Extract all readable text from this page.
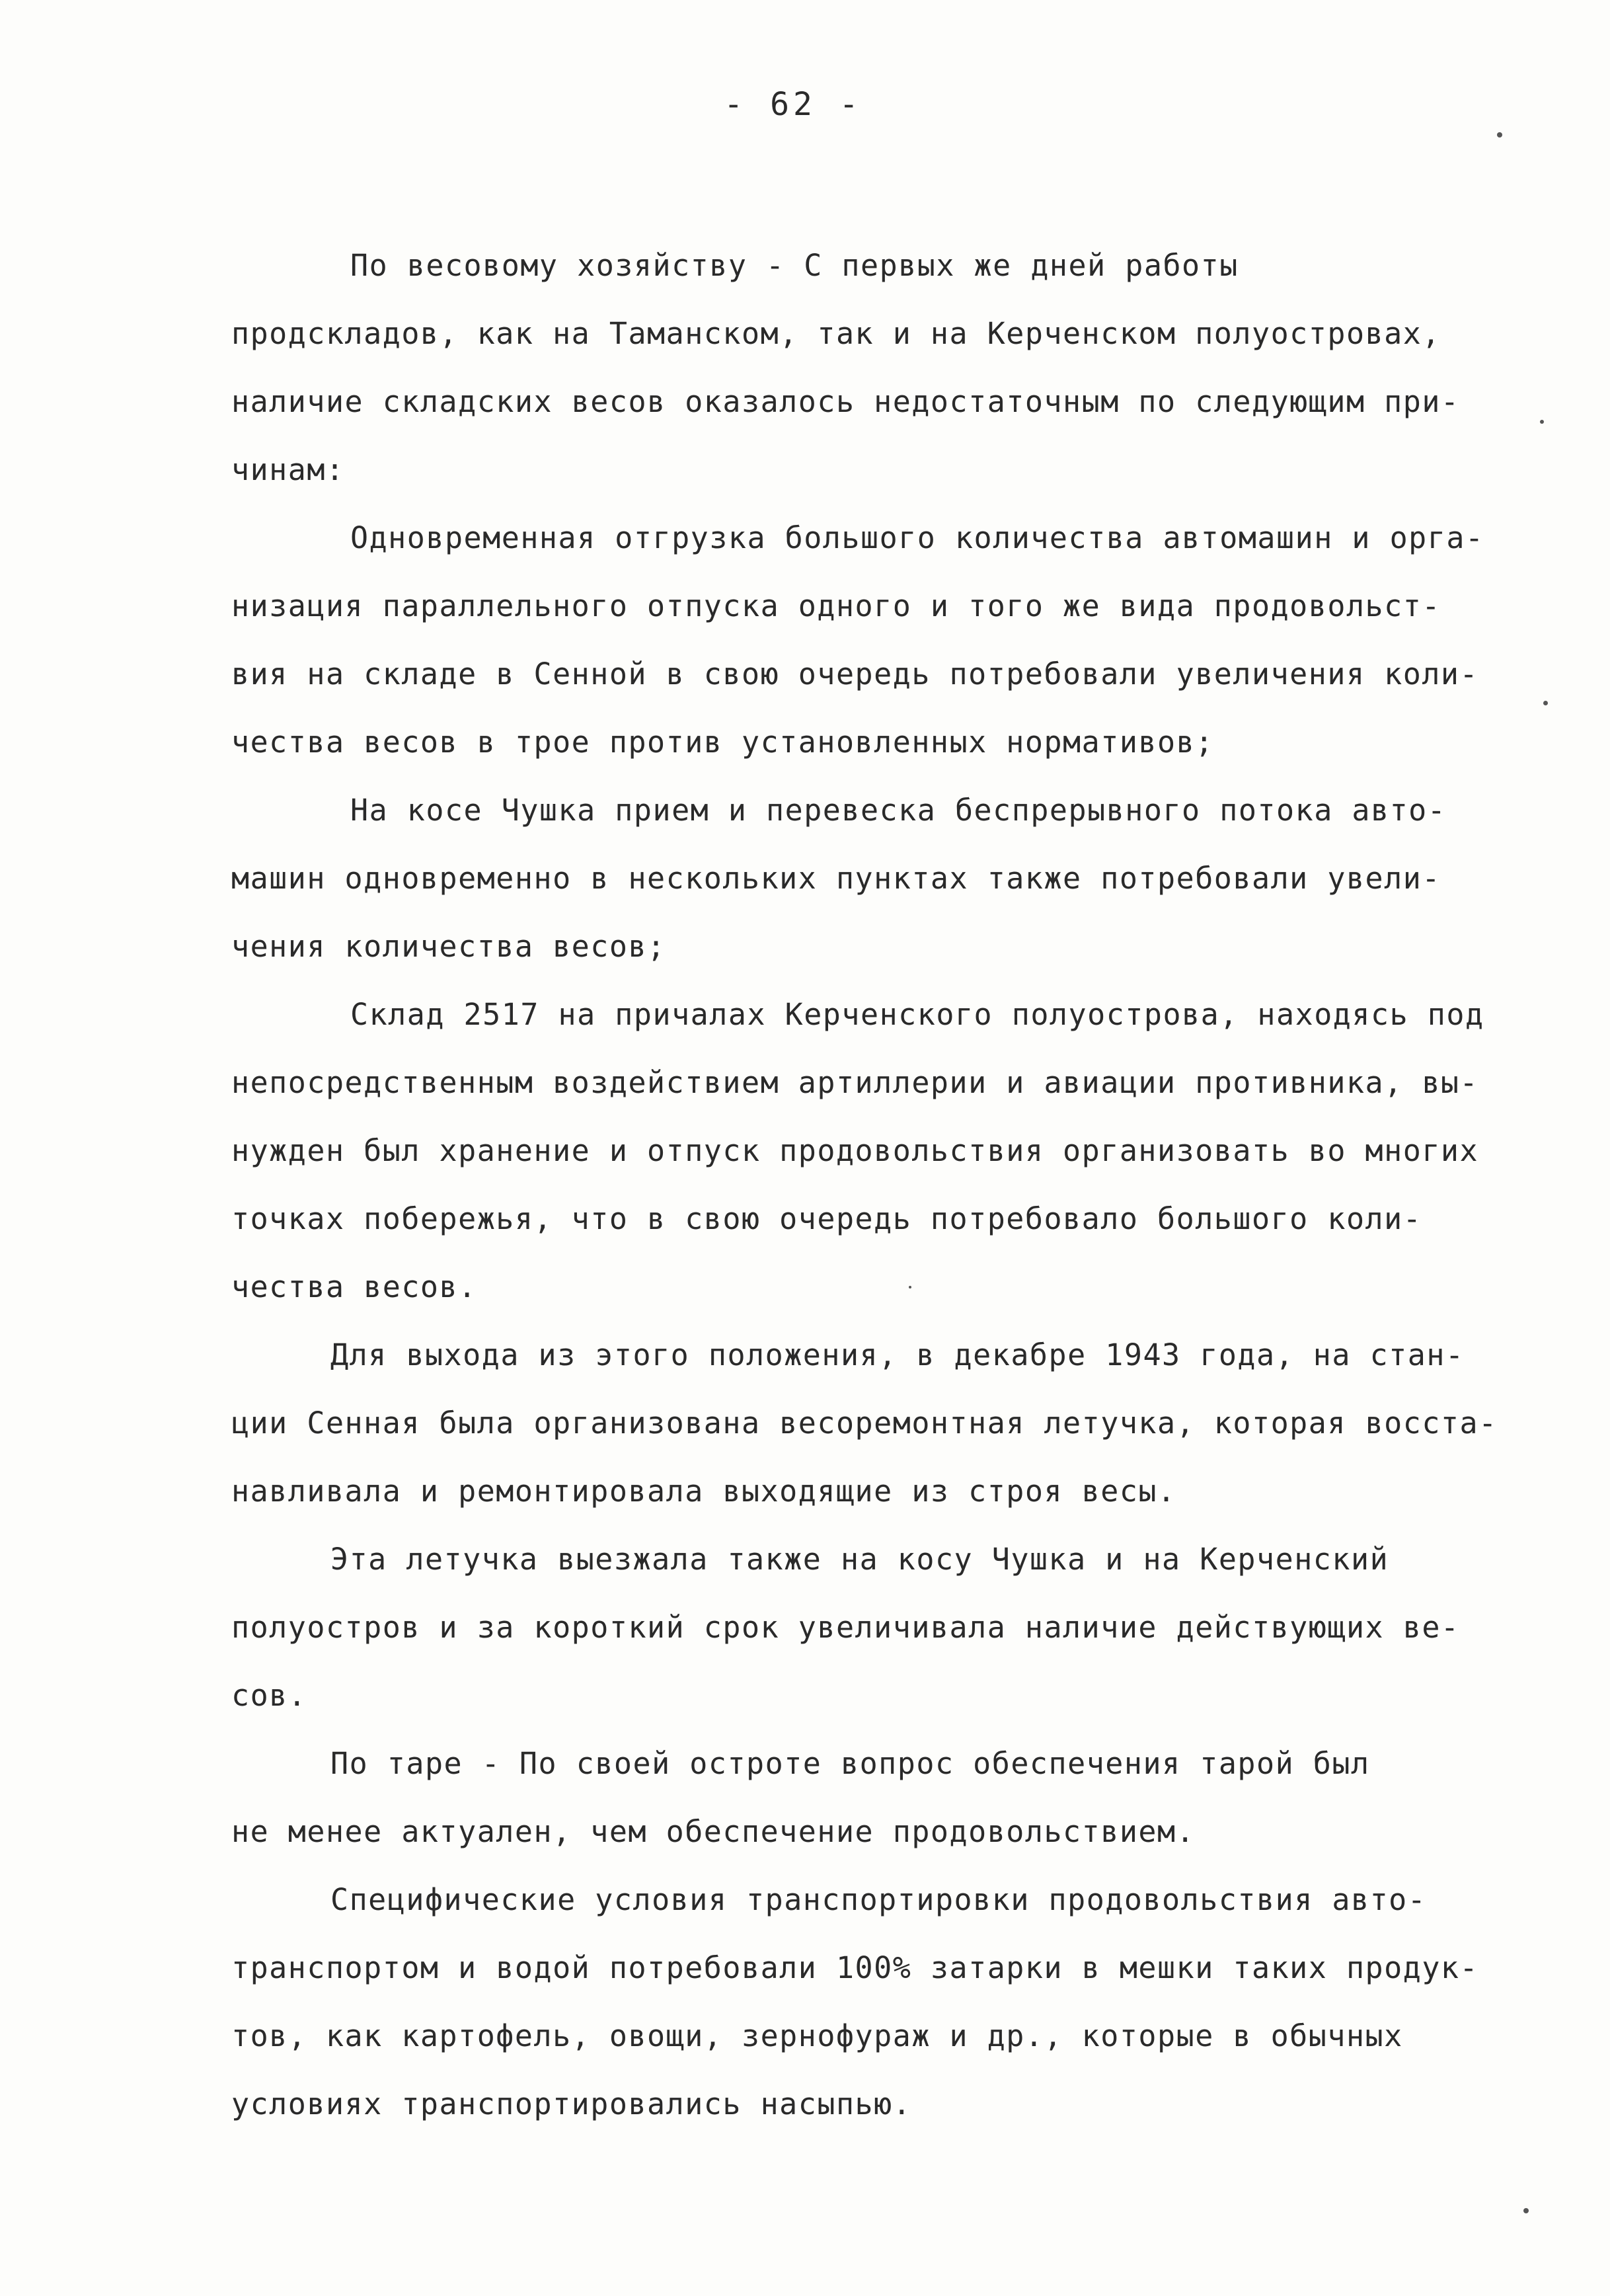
- 62 -
По весовому хозяйству - С первых же дней работы
продскладов, как на Таманском, так и на Керченском полуостровах,
наличие складских весов оказалось недостаточным по следующим при-
чинам:
Одновременная отгрузка большого количества автомашин и орга-
низация параллельного отпуска одного и того же вида продовольст-
вия на складе в Сенной в свою очередь потребовали увеличения коли-
чества весов в трое против установленных нормативов;
На косе Чушка прием и перевеска беспрерывного потока авто-
машин одновременно в нескольких пунктах также потребовали увели-
чения количества весов;
Склад 2517 на причалах Керченского полуострова, находясь под
непосредственным воздействием артиллерии и авиации противника, вы-
нужден был хранение и отпуск продовольствия организовать во многих
точках побережья, что в свою очередь потребовало большого коли-
чества весов.
Для выхода из этого положения, в декабре 1943 года, на стан-
ции Сенная была организована весоремонтная летучка, которая восста-
навливала и ремонтировала выходящие из строя весы.
Эта летучка выезжала также на косу Чушка и на Керченский
полуостров и за короткий срок увеличивала наличие действующих ве-
сов.
По таре - По своей остроте вопрос обеспечения тарой был
не менее актуален, чем обеспечение продовольствием.
Специфические условия транспортировки продовольствия авто-
транспортом и водой потребовали 100% затарки в мешки таких продук-
тов, как картофель, овощи, зернофураж и др., которые в обычных
условиях транспортировались насыпью.
